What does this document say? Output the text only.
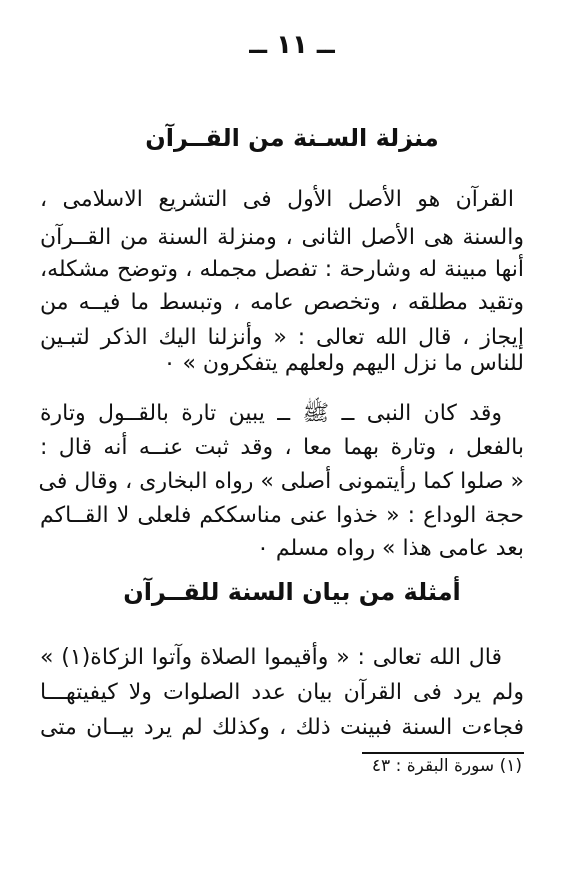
ــ ١١ ــ
منزلة السـنة من القــرآن
القرآن هو الأصل الأول فى التشريع الاسلامى ،
والسنة هى الأصل الثانى ، ومنزلة السنة من القــرآن
أنها مبينة له وشارحة : تفصل مجمله ، وتوضح مشكله،
وتقيد مطلقه ، وتخصص عامه ، وتبسط ما فيــه من
إيجاز ، قال الله تعالى : « وأنزلنا اليك الذكر لتبـين
للناس ما نزل اليهم ولعلهم يتفكرون » ٠
وقد كان النبى ــ ﷺ ــ يبين تارة بالقــول وتارة
بالفعل ، وتارة بهما معا ، وقد ثبت عنــه أنه قال :
« صلوا كما رأيتمونى أصلى » رواه البخارى ، وقال فى
حجة الوداع : « خذوا عنى مناسككم فلعلى لا القــاكم
بعد عامى هذا » رواه مسلم ٠
أمثلة من بيان السنة للقــرآن
قال الله تعالى : « وأقيموا الصلاة وآتوا الزكاة(١) »
ولم يرد فى القرآن بيان عدد الصلوات ولا كيفيتهـــا
فجاءت السنة فبينت ذلك ، وكذلك لم يرد بيــان متى
(١) سورة البقرة : ٤٣
